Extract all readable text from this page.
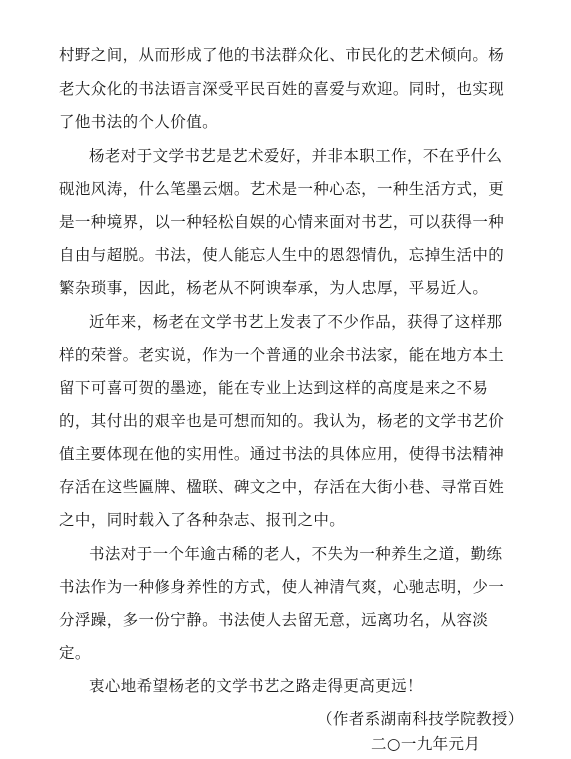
村野之间，从而形成了他的书法群众化、市民化的艺术倾向。杨
老大众化的书法语言深受平民百姓的喜爱与欢迎。同时，也实现
了他书法的个人价值。
杨老对于文学书艺是艺术爱好，并非本职工作，不在乎什么
砚池风涛，什么笔墨云烟。艺术是一种心态，一种生活方式，更
是一种境界，以一种轻松自娱的心情来面对书艺，可以获得一种
自由与超脱。书法，使人能忘人生中的恩怨情仇，忘掉生活中的
繁杂琐事，因此，杨老从不阿谀奉承，为人忠厚，平易近人。
近年来，杨老在文学书艺上发表了不少作品，获得了这样那
样的荣誉。老实说，作为一个普通的业余书法家，能在地方本土
留下可喜可贺的墨迹，能在专业上达到这样的高度是来之不易
的，其付出的艰辛也是可想而知的。我认为，杨老的文学书艺价
值主要体现在他的实用性。通过书法的具体应用，使得书法精神
存活在这些匾牌、楹联、碑文之中，存活在大街小巷、寻常百姓
之中，同时载入了各种杂志、报刊之中。
书法对于一个年逾古稀的老人，不失为一种养生之道，勤练
书法作为一种修身养性的方式，使人神清气爽，心驰志明，少一
分浮躁，多一份宁静。书法使人去留无意，远离功名，从容淡
定。
衷心地希望杨老的文学书艺之路走得更高更远！
（作者系湖南科技学院教授）
二○一九年元月
